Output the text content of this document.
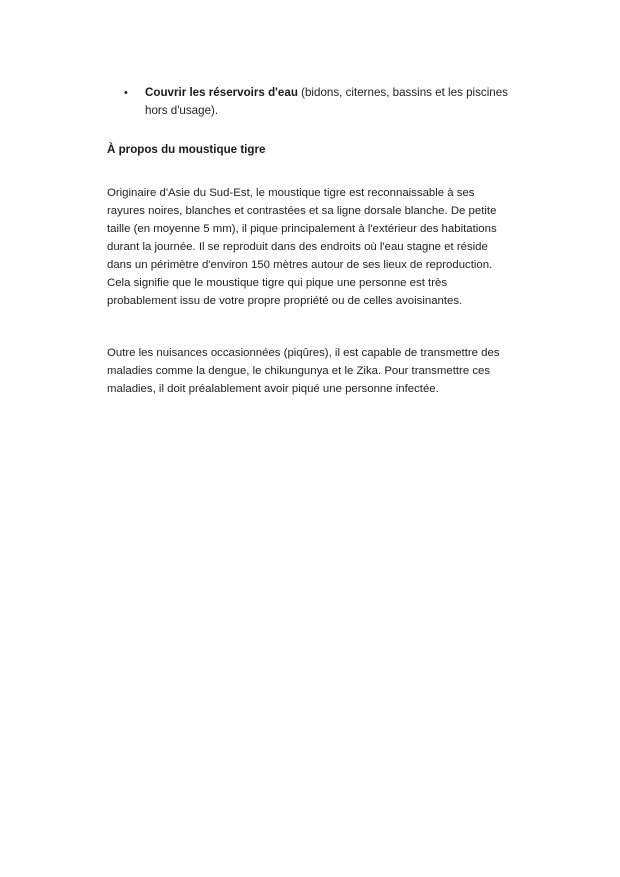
• Couvrir les réservoirs d'eau (bidons, citernes, bassins et les piscines
hors d'usage).
À propos du moustique tigre

Originaire d'Asie du Sud-Est, le moustique tigre est reconnaissable à ses
rayures noires, blanches et contrastées et sa ligne dorsale blanche. De petite
taille (en moyenne 5 mm), il pique principalement à l'extérieur des habitations
durant la journée. Il se reproduit dans des endroits où l'eau stagne et réside
dans un périmètre d'environ 150 mètres autour de ses lieux de reproduction.
Cela signifie que le moustique tigre qui pique une personne est très
probablement issu de votre propre propriété ou de celles avoisinantes.

Outre les nuisances occasionnées (piqûres), il est capable de transmettre des
maladies comme la dengue, le chikungunya et le Zika. Pour transmettre ces
maladies, il doit préalablement avoir piqué une personne infectée.
